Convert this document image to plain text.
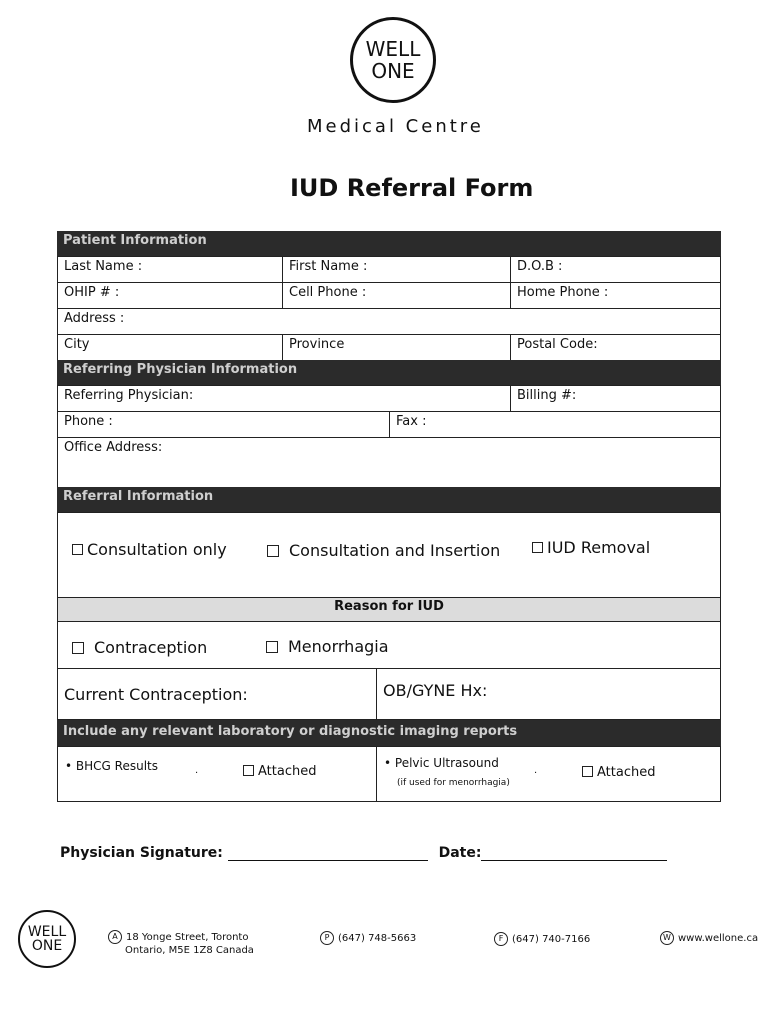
WELL
ONE
Medical Centre
IUD Referral Form
Patient Information
Last Name :	First Name :	D.O.B :
OHIP # :	Cell Phone :	Home Phone :
Address :
City	Province	Postal Code:
Referring Physician Information
Referring Physician:	Billing #:
Phone :	Fax :
Office Address:
Referral Information
Consultation only	Consultation and Insertion	IUD Removal
Reason for IUD
Contraception	Menorrhagia
Current Contraception:	OB/GYNE Hx:
Include any relevant laboratory or diagnostic imaging reports
• BHCG Results	.	Attached
• Pelvic Ultrasound
(if used for menorrhagia)
.	Attached
Physician Signature:	Date:
WELL
ONE
A 18 Yonge Street, Toronto
Ontario, M5E 1Z8 Canada
P (647) 748-5663	F (647) 740-7166	W www.wellone.ca
